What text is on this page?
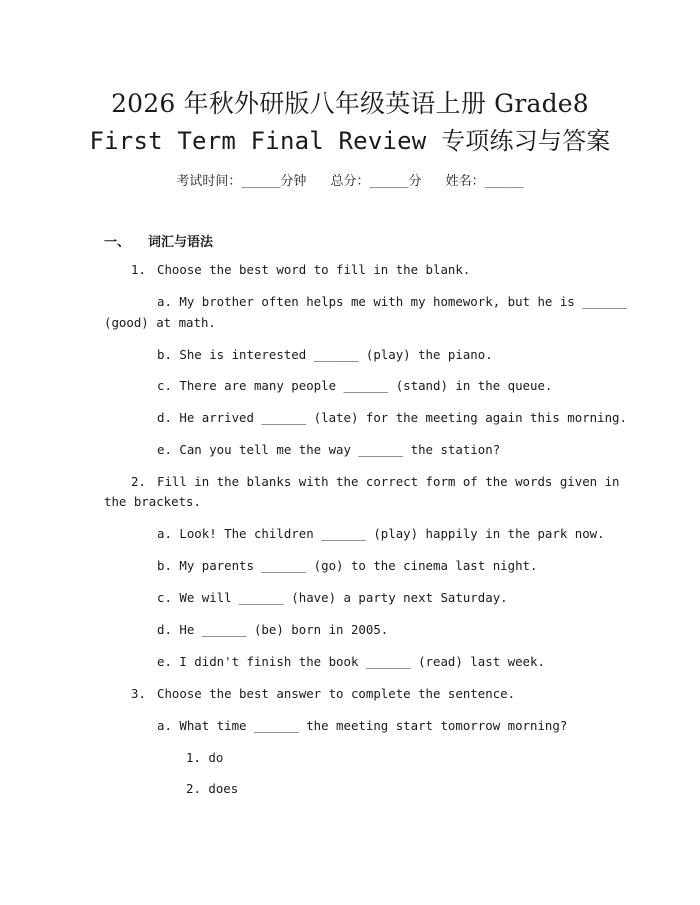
2026 年秋外研版八年级英语上册 Grade8
First Term Final Review 专项练习与答案
考试时间：______分钟 总分：______分 姓名：______
一、 词汇与语法
1. Choose the best word to fill in the blank.
a. My brother often helps me with my homework, but he is ______
(good) at math.
b. She is interested ______ (play) the piano.
c. There are many people ______ (stand) in the queue.
d. He arrived ______ (late) for the meeting again this morning.
e. Can you tell me the way ______ the station?
2. Fill in the blanks with the correct form of the words given in
the brackets.
a. Look! The children ______ (play) happily in the park now.
b. My parents ______ (go) to the cinema last night.
c. We will ______ (have) a party next Saturday.
d. He ______ (be) born in 2005.
e. I didn't finish the book ______ (read) last week.
3. Choose the best answer to complete the sentence.
a. What time ______ the meeting start tomorrow morning?
1. do
2. does
